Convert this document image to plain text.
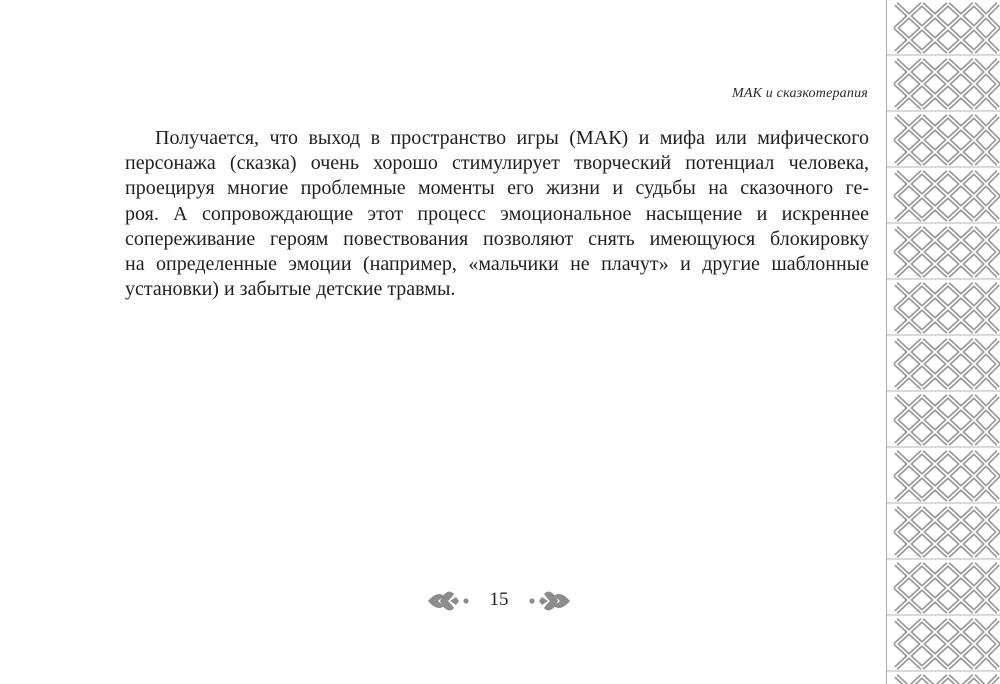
МАК и сказкотерапия
Получается, что выход в пространство игры (МАК) и мифа или мифического
персонажа (сказка) очень хорошо стимулирует творческий потенциал человека,
проецируя многие проблемные моменты его жизни и судьбы на сказочного ге-
роя. А сопровождающие этот процесс эмоциональное насыщение и искреннее
сопереживание героям повествования позволяют снять имеющуюся блокировку
на определенные эмоции (например, «мальчики не плачут» и другие шаблонные
установки) и забытые детские травмы.
15
